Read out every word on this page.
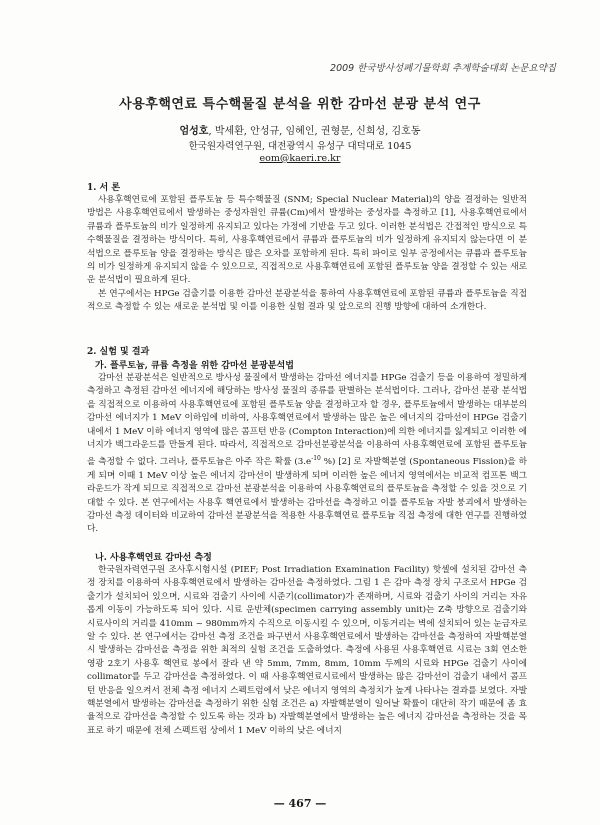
2009 한국방사성폐기물학회 추계학술대회 논문요약집
사용후핵연료 특수핵물질 분석을 위한 감마선 분광 분석 연구
엄성호, 박세환, 안성규, 임혜인, 권형문, 신희성, 김호동
한국원자력연구원, 대전광역시 유성구 대덕대로 1045
eom@kaeri.re.kr
1. 서 론

사용후핵연료에 포함된 플루토늄 등 특수핵물질 (SNM; Special Nuclear Material)의 양을 결정하는 일반적 방법은 사용후핵연료에서 발생하는 중성자원인 큐륨(Cm)에서 발생하는 중성자를 측정하고 [1], 사용후핵연료에서 큐륨과 플루토늄의 비가 일정하게 유지되고 있다는 가정에 기반을 두고 있다. 이러한 분석법은 간접적인 방식으로 특수핵물질을 결정하는 방식이다. 특히, 사용후핵연료에서 큐륨과 플루토늄의 비가 일정하게 유지되지 않는다면 이 분석법으로 플루토늄 양을 결정하는 방식은 많은 오차를 포함하게 된다. 특히 파이로 일부 공정에서는 큐륨과 플루토늄의 비가 일정하게 유지되지 않을 수 있으므로, 직접적으로 사용후핵연료에 포함된 플루토늄 양을 결정할 수 있는 새로운 분석법이 필요하게 된다.

본 연구에서는 HPGe 검출기를 이용한 감마선 분광분석을 통하여 사용후핵연료에 포함된 큐륨과 플루토늄을 직접적으로 측정할 수 있는 새로운 분석법 및 이를 이용한 실험 결과 및 앞으로의 진행 방향에 대하여 소개한다.

2. 실험 및 결과
가. 플루토늄, 큐륨 측정을 위한 감마선 분광분석법

감마선 분광분석은 일반적으로 방사성 물질에서 발생하는 감마선 에너지를 HPGe 검출기 등을 이용하여 정밀하게 측정하고 측정된 감마선 에너지에 해당하는 방사성 물질의 종류를 판별하는 분석법이다. 그러나, 감마선 분광 분석법을 직접적으로 이용하여 사용후핵연료에 포함된 플루토늄 양을 결정하고자 할 경우, 플루토늄에서 발생하는 대부분의 감마선 에너지가 1 MeV 이하임에 비하여, 사용후핵연료에서 발생하는 많은 높은 에너지의 감마선이 HPGe 검출기 내에서 1 MeV 이하 에너지 영역에 많은 콤프턴 반응 (Compton Interaction)에 의한 에너지를 잃게되고 이러한 에너지가 백그라운드를 만들게 된다. 따라서, 직접적으로 감마선분광분석을 이용하여 사용후핵연료에 포함된 플루토늄을 측정할 수 없다. 그러나, 플루토늄은 아주 작은 확률 ($3.e^{-10}$ %) [2] 로 자발핵분열 (Spontaneous Fission)을 하게 되며 이때 1 MeV 이상 높은 에너지 감마선이 발생하게 되며 이러한 높은 에너지 영역에서는 비교적 컴프톤 백그라운드가 작게 되므로 직접적으로 감마선 분광분석을 이용하여 사용후핵연료의 플루토늄을 측정할 수 있을 것으로 기대할 수 있다. 본 연구에서는 사용후 핵연료에서 발생하는 감마선을 측정하고 이를 플루토늄 자발 붕괴에서 발생하는 감마선 측정 데이터와 비교하여 감마선 분광분석을 적용한 사용후핵연료 플루토늄 직접 측정에 대한 연구를 진행하였다.

나. 사용후핵연료 감마선 측정

한국원자력연구원 조사후시험시설 (PIEF; Post Irradiation Examination Facility) 핫셀에 설치된 감마선 측정 장치를 이용하여 사용후핵연료에서 발생하는 감마선을 측정하였다. 그림 1 은 감마 측정 장치 구조로서 HPGe 검출기가 설치되어 있으며, 시료와 검출기 사이에 시준기(collimator)가 존재하며, 시료와 검출기 사이의 거리는 자유롭게 이동이 가능하도록 되어 있다. 시료 운반체(specimen carrying assembly unit)는 Z축 방향으로 검출기와 시료사이의 거리를 410mm ~ 980mm까지 수직으로 이동시킬 수 있으며, 이동거리는 벽에 설치되어 있는 눈금자로 알 수 있다. 본 연구에서는 감마선 측정 조건을 파구번서 사용후핵연료에서 발생하는 감마선을 측정하여 자발핵분열시 발생하는 감마선을 측정을 위한 최적의 실험 조건을 도출하였다. 측정에 사용된 사용후핵연료 시료는 3회 연소한 영광 2호기 사용후 핵연료 봉에서 잘라 낸 약 5mm, 7mm, 8mm, 10mm 두께의 시료와 HPGe 검출기 사이에 collimator를 두고 감마선을 측정하였다. 이 때 사용후핵연료시료에서 발생하는 많은 감마선이 검출기 내에서 콤프턴 반응을 일으켜서 전체 측정 에너지 스펙트럼에서 낮은 에너지 영역의 측정치가 높게 나타나는 결과를 보였다. 자발핵분열에서 발생하는 감마선을 측정하기 위한 실험 조건은 a) 자발핵분열이 일어날 확률이 대단히 작기 때문에 좀 효율적으로 감마선을 측정할 수 있도록 하는 것과 b) 자발핵분열에서 발생하는 높은 에너지 감마선을 측정하는 것을 목표로 하기 때문에 전체 스펙트럼 상에서 1 MeV 이하의 낮은 에너지

— 467 —
